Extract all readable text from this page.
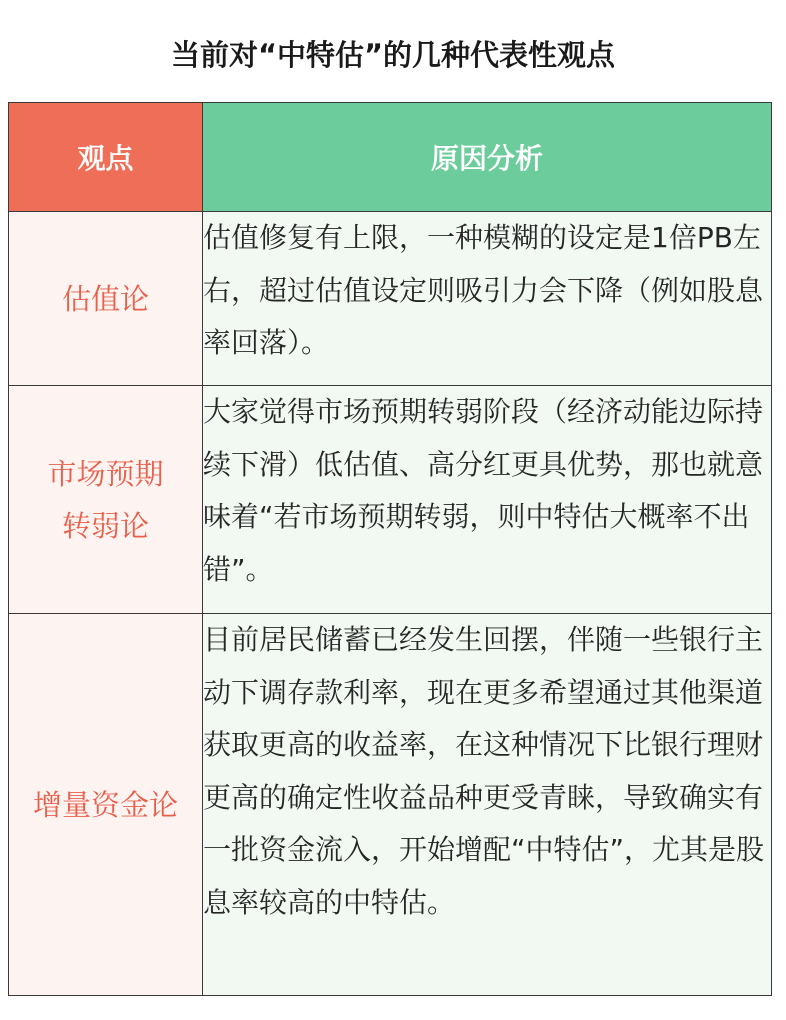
当前对“中特估”的几种代表性观点
观点	原因分析

估值论	估值修复有上限，一种模糊的设定是1倍PB左右，超过估值设定则吸引力会下降（例如股息率回落）。

市场预期
转弱论	大家觉得市场预期转弱阶段（经济动能边际持续下滑）低估值、高分红更具优势，那也就意味着“若市场预期转弱，则中特估大概率不出错”。

增量资金论	目前居民储蓄已经发生回摆，伴随一些银行主动下调存款利率，现在更多希望通过其他渠道获取更高的收益率，在这种情况下比银行理财更高的确定性收益品种更受青睐，导致确实有一批资金流入，开始增配“中特估”，尤其是股息率较高的中特估。
